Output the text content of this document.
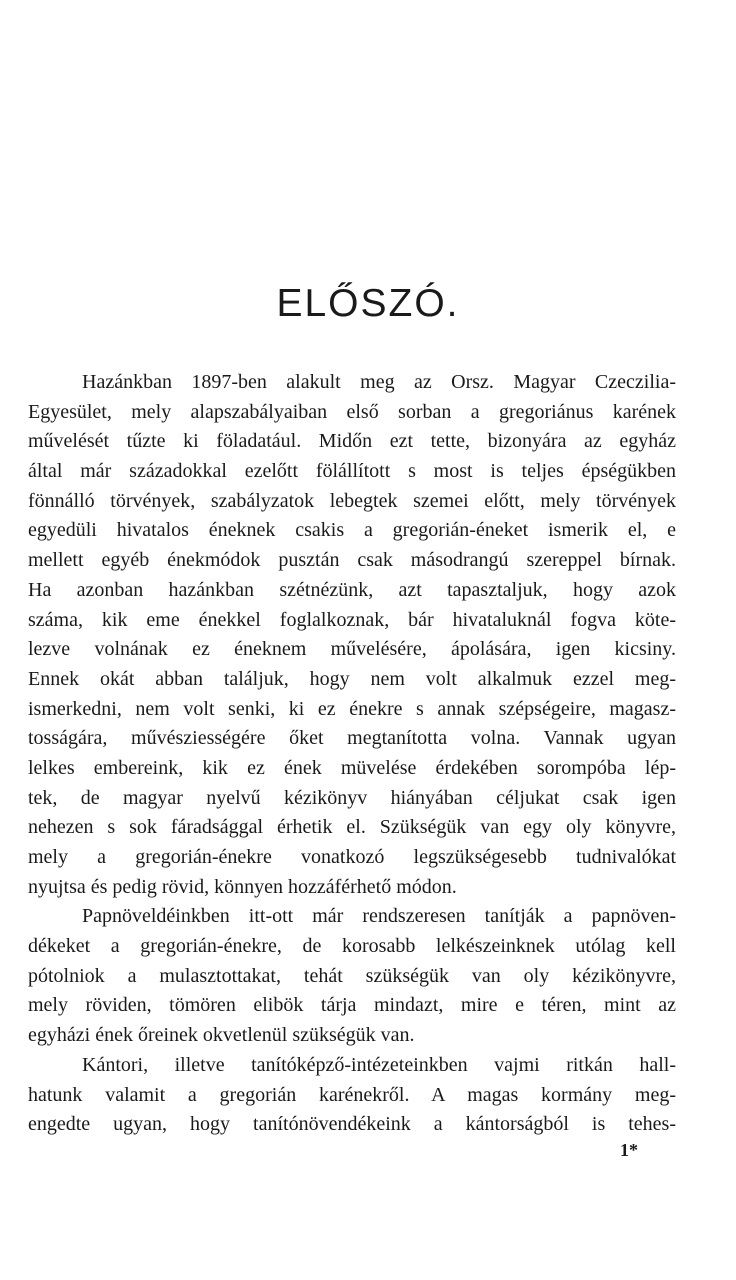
ELŐSZÓ.
Hazánkban 1897-ben alakult meg az Orsz. Magyar Czeczilia-
Egyesület, mely alapszabályaiban első sorban a gregoriánus karének
művelését tűzte ki föladatául. Midőn ezt tette, bizonyára az egyház
által már századokkal ezelőtt fölállított s most is teljes épségükben
fönnálló törvények, szabályzatok lebegtek szemei előtt, mely törvények
egyedüli hivatalos éneknek csakis a gregorián-éneket ismerik el, e
mellett egyéb énekmódok pusztán csak másodrangú szereppel bírnak.
Ha azonban hazánkban szétnézünk, azt tapasztaljuk, hogy azok
száma, kik eme énekkel foglalkoznak, bár hivataluknál fogva köte-
lezve volnának ez éneknem művelésére, ápolására, igen kicsiny.
Ennek okát abban találjuk, hogy nem volt alkalmuk ezzel meg-
ismerkedni, nem volt senki, ki ez énekre s annak szépségeire, magasz-
tosságára, művésziességére őket megtanította volna. Vannak ugyan
lelkes embereink, kik ez ének müvelése érdekében sorompóba lép-
tek, de magyar nyelvű kézikönyv hiányában céljukat csak igen
nehezen s sok fáradsággal érhetik el. Szükségük van egy oly könyvre,
mely a gregorián-énekre vonatkozó legszükségesebb tudnivalókat
nyujtsa és pedig rövid, könnyen hozzáférhető módon.
Papnöveldéinkben itt-ott már rendszeresen tanítják a papnöven-
dékeket a gregorián-énekre, de korosabb lelkészeinknek utólag kell
pótolniok a mulasztottakat, tehát szükségük van oly kézikönyvre,
mely röviden, tömören elibök tárja mindazt, mire e téren, mint az
egyházi ének őreinek okvetlenül szükségük van.
Kántori, illetve tanítóképző-intézeteinkben vajmi ritkán hall-
hatunk valamit a gregorián karénekről. A magas kormány meg-
engedte ugyan, hogy tanítónövendékeink a kántorságból is tehes-
1*
